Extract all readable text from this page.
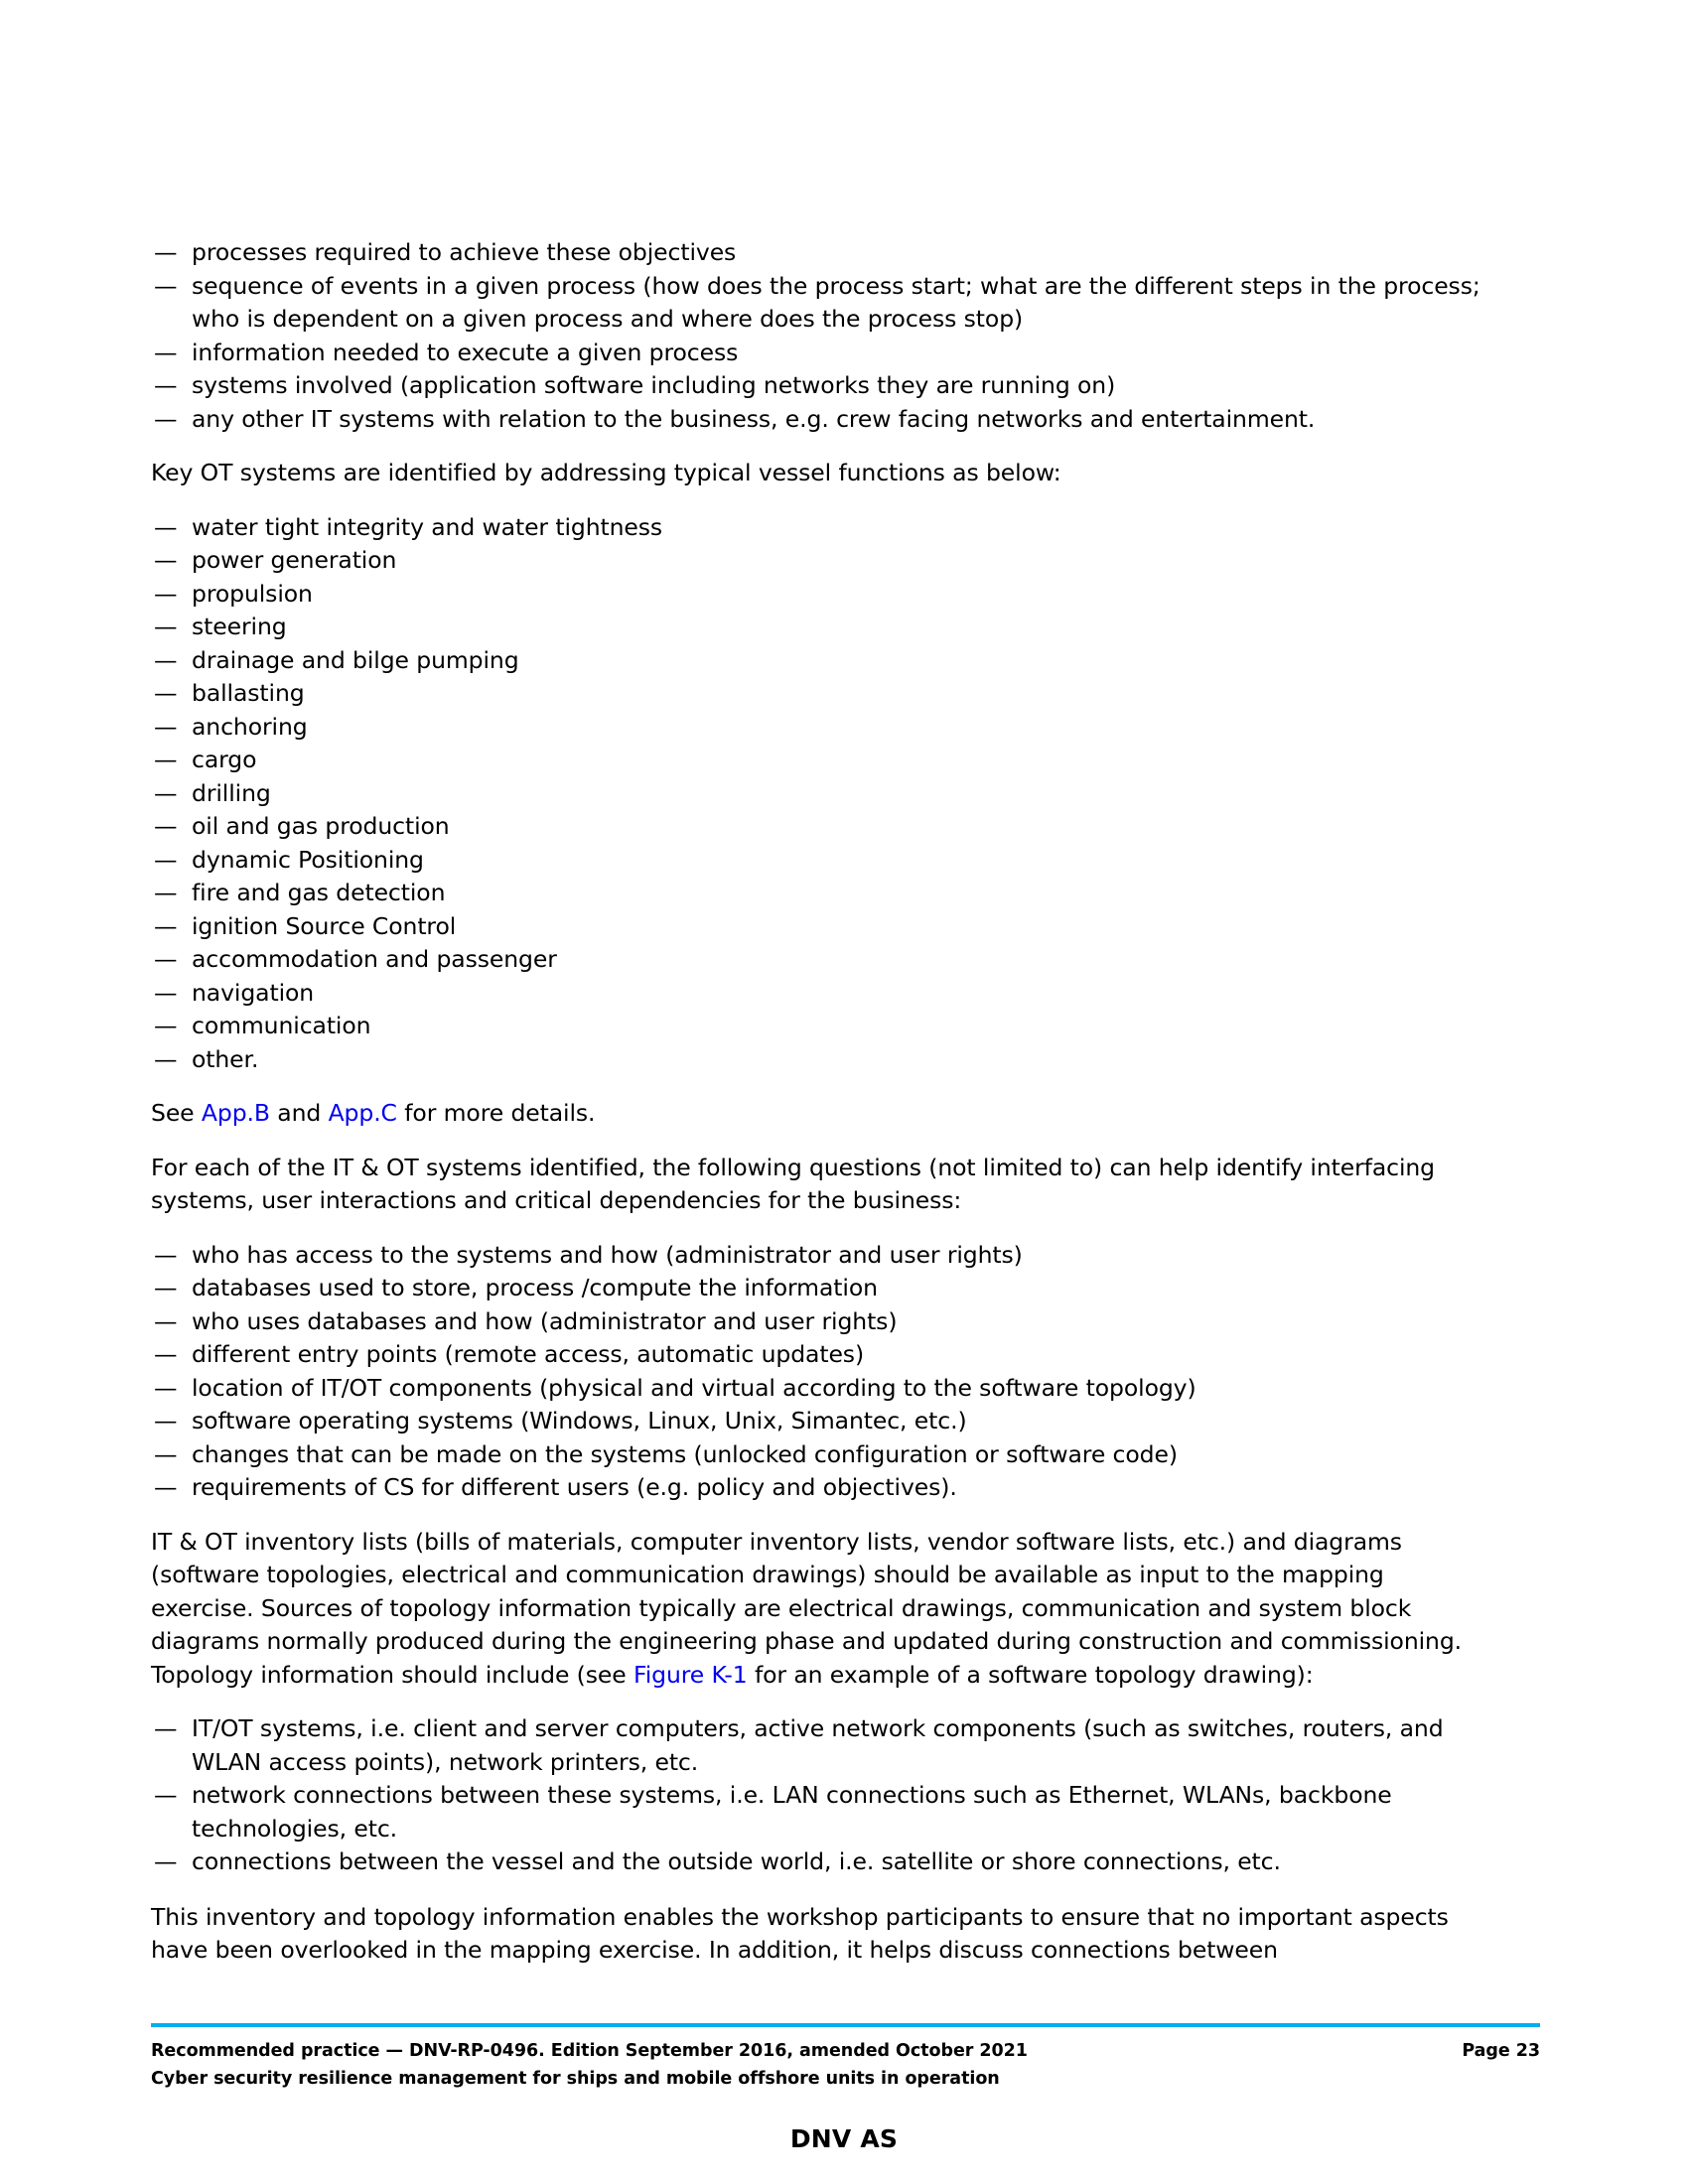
— processes required to achieve these objectives
— sequence of events in a given process (how does the process start; what are the different steps in the process; who is dependent on a given process and where does the process stop)
— information needed to execute a given process
— systems involved (application software including networks they are running on)
— any other IT systems with relation to the business, e.g. crew facing networks and entertainment.

Key OT systems are identified by addressing typical vessel functions as below:

— water tight integrity and water tightness
— power generation
— propulsion
— steering
— drainage and bilge pumping
— ballasting
— anchoring
— cargo
— drilling
— oil and gas production
— dynamic Positioning
— fire and gas detection
— ignition Source Control
— accommodation and passenger
— navigation
— communication
— other.

See App.B and App.C for more details.

For each of the IT & OT systems identified, the following questions (not limited to) can help identify interfacing systems, user interactions and critical dependencies for the business:

— who has access to the systems and how (administrator and user rights)
— databases used to store, process /compute the information
— who uses databases and how (administrator and user rights)
— different entry points (remote access, automatic updates)
— location of IT/OT components (physical and virtual according to the software topology)
— software operating systems (Windows, Linux, Unix, Simantec, etc.)
— changes that can be made on the systems (unlocked configuration or software code)
— requirements of CS for different users (e.g. policy and objectives).

IT & OT inventory lists (bills of materials, computer inventory lists, vendor software lists, etc.) and diagrams (software topologies, electrical and communication drawings) should be available as input to the mapping exercise. Sources of topology information typically are electrical drawings, communication and system block diagrams normally produced during the engineering phase and updated during construction and commissioning. Topology information should include (see Figure K-1 for an example of a software topology drawing):

— IT/OT systems, i.e. client and server computers, active network components (such as switches, routers, and WLAN access points), network printers, etc.
— network connections between these systems, i.e. LAN connections such as Ethernet, WLANs, backbone technologies, etc.
— connections between the vessel and the outside world, i.e. satellite or shore connections, etc.

This inventory and topology information enables the workshop participants to ensure that no important aspects have been overlooked in the mapping exercise. In addition, it helps discuss connections between

Recommended practice — DNV-RP-0496. Edition September 2016, amended October 2021	Page 23
Cyber security resilience management for ships and mobile offshore units in operation
DNV AS
